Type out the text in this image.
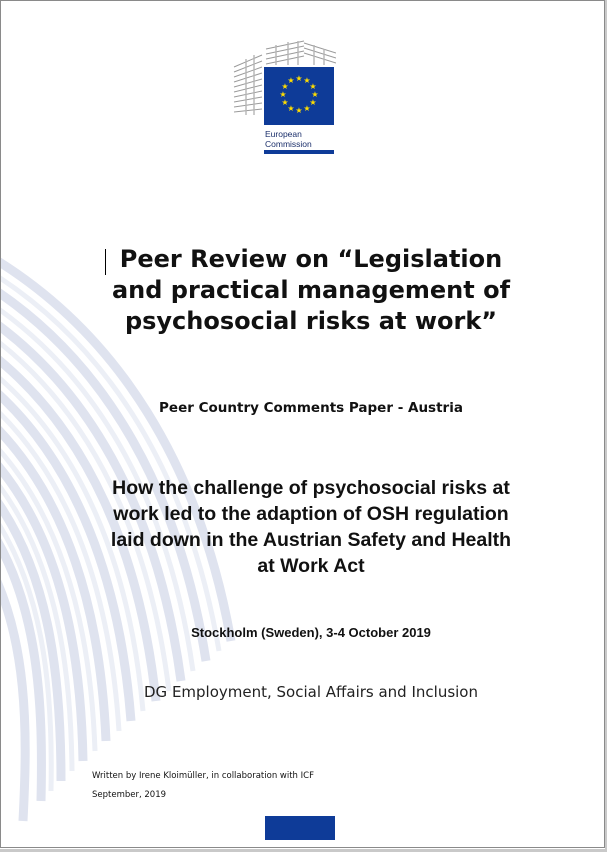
★ ★
★
★
★
★
★
★
★
★
★
★
European
Commission
Peer Review on “Legislation
and practical management of
psychosocial risks at work”
Peer Country Comments Paper - Austria
How the challenge of psychosocial risks at
work led to the adaption of OSH regulation
laid down in the Austrian Safety and Health
at Work Act
Stockholm (Sweden), 3-4 October 2019
DG Employment, Social Affairs and Inclusion
Written by Irene Kloimüller, in collaboration with ICF
September, 2019
